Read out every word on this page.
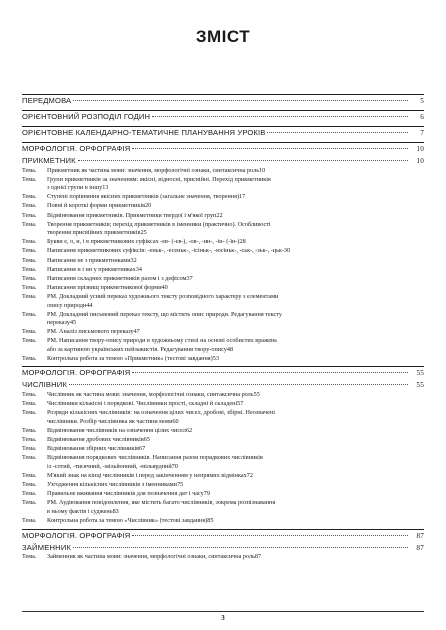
ЗМІСТ
ПЕРЕДМОВА	5
ОРІЄНТОВНИЙ РОЗПОДІЛ ГОДИН	6
ОРІЄНТОВНЕ КАЛЕНДАРНО-ТЕМАТИЧНЕ ПЛАНУВАННЯ УРОКІВ	7
МОРФОЛОГІЯ. ОРФОГРАФІЯ	10
ПРИКМЕТНИК	10
Тема.	Прикметник як частина мови: значення, морфологічні ознаки, синтаксична роль 10
Тема.	Групи прикметників за значенням: якісні, відносні, присвійні. Перехід прикметників
з однієї групи в іншу 13
Тема.	Ступені порівняння якісних прикметників (загальне значення, творення) 17
Тема.	Повні й короткі форми прикметників 20
Тема.	Відмінювання прикметників. Прикметники твердої і м'якої груп 22
Тема.	Творення прикметників; перехід прикметників в іменники (практично). Особливості
творення присвійних прикметників 25
Тема.	Букви е, о, и, і в прикметникових суфіксах -ев- (-єв-), -ов-, -ин-, -ін- (-їн-) 28
Тема.	Написання прикметникових суфіксів: -еньк-, -есеньк-, -ісіньк-, -юсіньк-, -ськ-, -зьк-, -цьк- 30
Тема.	Написання не з прикметниками 32
Тема.	Написання н і нн у прикметниках 34
Тема.	Написання складних прикметників разом і з дефісом 37
Тема.	Написання прізвищ прикметникової форми 40
Тема.	РМ. Докладний усний переказ художнього тексту розповідного характеру з елементами
опису природи 44
Тема.	РМ. Докладний письмовий переказ тексту, що містить опис природи. Редагування тексту
переказу 45
Тема.	РМ. Аналіз письмового переказу 47
Тема.	РМ. Написання твору-опису природи в художньому стилі на основі особистих вражень
або за картиною українських пейзажистів. Редагування твору-опису 48
Тема.	Контрольна робота за темою «Прикметник» (тестові завдання) 53
МОРФОЛОГІЯ. ОРФОГРАФІЯ	55
ЧИСЛІВНИК	55
Тема.	Числівник як частина мови: значення, морфологічні ознаки, синтаксична роль 55
Тема.	Числівники кількісні і порядкові. Числівники прості, складні й складені 57
Тема.	Розряди кількісних числівників: на означення цілих чисел, дробові, збірні. Неозначені
числівники. Розбір числівника як частини мови 60
Тема.	Відмінювання числівників на означення цілих чисел 62
Тема.	Відмінювання дробових числівників 65
Тема.	Відмінювання збірних числівників 67
Тема.	Відмінювання порядкових числівників. Написання разом порядкових числівників
із -сотий, -тисячний, -мільйонний, -мільярдний 70
Тема.	М'який знак на кінці числівників і перед закінченням у непрямих відмінках 72
Тема.	Узгодження кількісних числівників з іменниками 75
Тема.	Правильне вживання числівників для позначення дат і часу 79
Тема.	РМ. Аудіювання повідомлення, яке містить багато числівників, зокрема розпізнавання
в ньому фактів і суджень 83
Тема.	Контрольна робота за темою «Числівник» (тестові завдання) 85
МОРФОЛОГІЯ. ОРФОГРАФІЯ	87
ЗАЙМЕННИК	87
Тема.	Займенник як частина мови: значення, морфологічні ознаки, синтаксична роль 87
3
